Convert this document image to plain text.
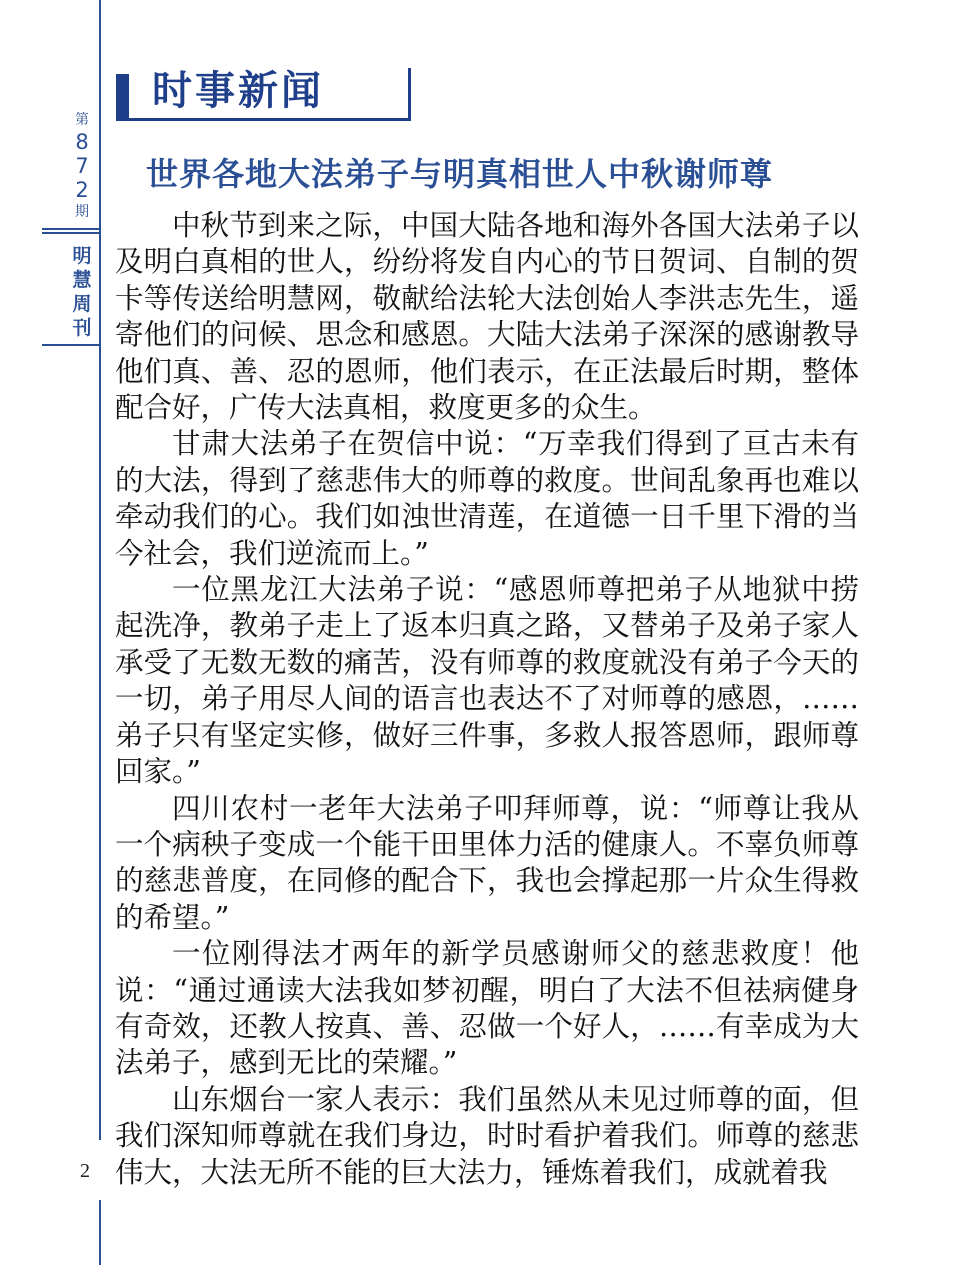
第
8
7
2
期
明
慧
周
刊
时事新闻
世界各地大法弟子与明真相世人中秋谢师尊

中秋节到来之际，中国大陆各地和海外各国大法弟子以及明白真相的世人，纷纷将发自内心的节日贺词、自制的贺卡等传送给明慧网，敬献给法轮大法创始人李洪志先生，遥寄他们的问候、思念和感恩。大陆大法弟子深深的感谢教导他们真、善、忍的恩师，他们表示，在正法最后时期，整体配合好，广传大法真相，救度更多的众生。

甘肃大法弟子在贺信中说：“万幸我们得到了亘古未有的大法，得到了慈悲伟大的师尊的救度。世间乱象再也难以牵动我们的心。我们如浊世清莲，在道德一日千里下滑的当今社会，我们逆流而上。”

一位黑龙江大法弟子说：“感恩师尊把弟子从地狱中捞起洗净，教弟子走上了返本归真之路，又替弟子及弟子家人承受了无数无数的痛苦，没有师尊的救度就没有弟子今天的一切，弟子用尽人间的语言也表达不了对师尊的感恩，……弟子只有坚定实修，做好三件事，多救人报答恩师，跟师尊回家。”

四川农村一老年大法弟子叩拜师尊，说：“师尊让我从一个病秧子变成一个能干田里体力活的健康人。不辜负师尊的慈悲普度，在同修的配合下，我也会撑起那一片众生得救的希望。”

一位刚得法才两年的新学员感谢师父的慈悲救度！他说：“通过通读大法我如梦初醒，明白了大法不但祛病健身有奇效，还教人按真、善、忍做一个好人，……有幸成为大法弟子，感到无比的荣耀。”

山东烟台一家人表示：我们虽然从未见过师尊的面，但我们深知师尊就在我们身边，时时看护着我们。师尊的慈悲伟大，大法无所不能的巨大法力，锤炼着我们，成就着我

2
